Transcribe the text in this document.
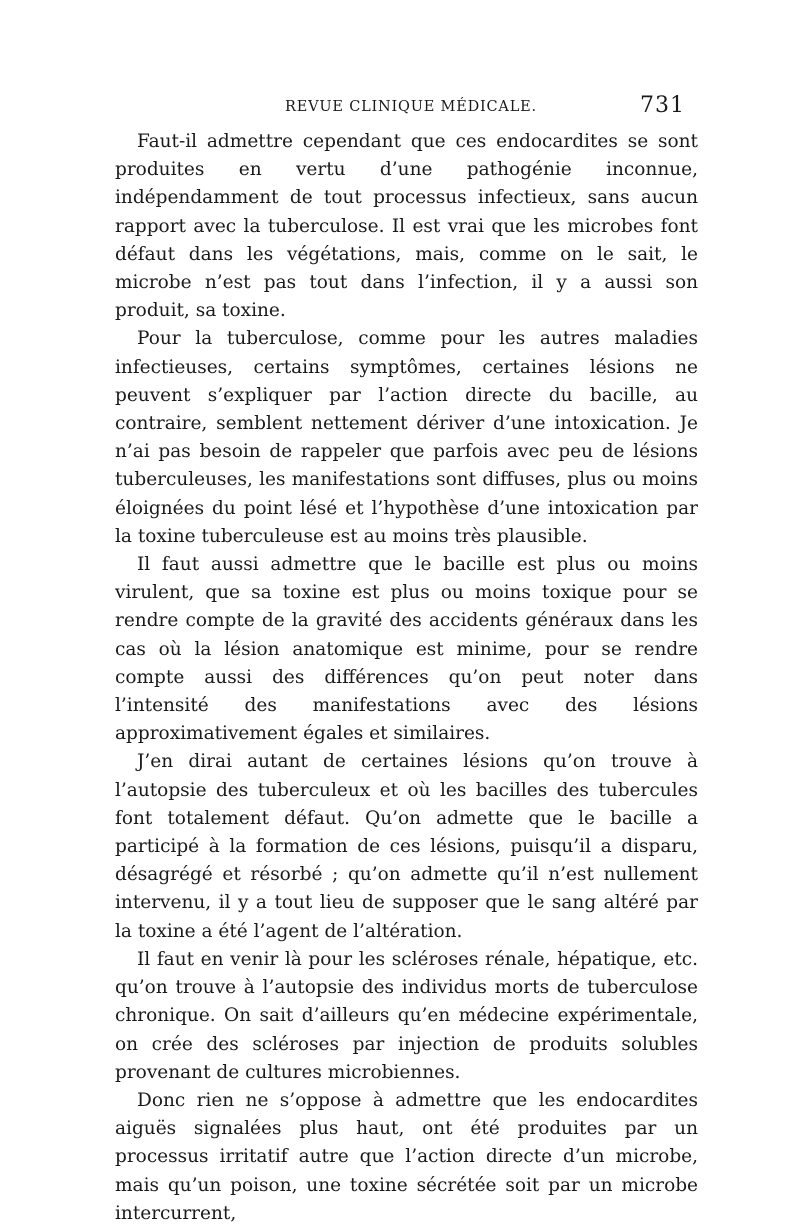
REVUE CLINIQUE MÉDICALE.	731

Faut-il admettre cependant que ces endocardites se sont produites en vertu d’une pathogénie inconnue, indépendamment de tout processus infectieux, sans aucun rapport avec la tuberculose. Il est vrai que les microbes font défaut dans les végétations, mais, comme on le sait, le microbe n’est pas tout dans l’infection, il y a aussi son produit, sa toxine.

Pour la tuberculose, comme pour les autres maladies infectieuses, certains symptômes, certaines lésions ne peuvent s’expliquer par l’action directe du bacille, au contraire, semblent nettement dériver d’une intoxication. Je n’ai pas besoin de rappeler que parfois avec peu de lésions tuberculeuses, les manifestations sont diffuses, plus ou moins éloignées du point lésé et l’hypothèse d’une intoxication par la toxine tuberculeuse est au moins très plausible.

Il faut aussi admettre que le bacille est plus ou moins virulent, que sa toxine est plus ou moins toxique pour se rendre compte de la gravité des accidents généraux dans les cas où la lésion anatomique est minime, pour se rendre compte aussi des différences qu’on peut noter dans l’intensité des manifestations avec des lésions approximativement égales et similaires.

J’en dirai autant de certaines lésions qu’on trouve à l’autopsie des tuberculeux et où les bacilles des tubercules font totalement défaut. Qu’on admette que le bacille a participé à la formation de ces lésions, puisqu’il a disparu, désagrégé et résorbé ; qu’on admette qu’il n’est nullement intervenu, il y a tout lieu de supposer que le sang altéré par la toxine a été l’agent de l’altération.

Il faut en venir là pour les scléroses rénale, hépatique, etc. qu’on trouve à l’autopsie des individus morts de tuberculose chronique. On sait d’ailleurs qu’en médecine expérimentale, on crée des scléroses par injection de produits solubles provenant de cultures microbiennes.

Donc rien ne s’oppose à admettre que les endocardites aiguës signalées plus haut, ont été produites par un processus irritatif autre que l’action directe d’un microbe, mais qu’un poison, une toxine sécrétée soit par un microbe intercurrent,
